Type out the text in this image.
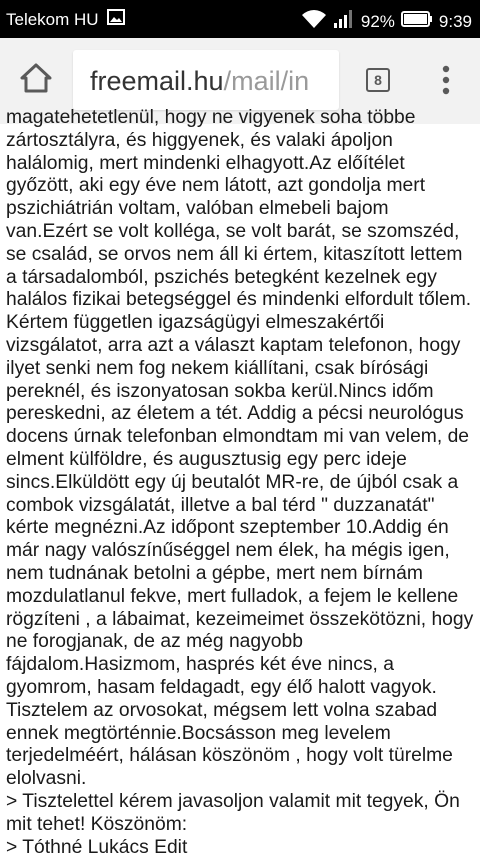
Telekom HU	92%	9:39
freemail.hu/mail/in	8
magatehetetlenül, hogy ne vigyenek soha többe zártosztályra, és higgyenek, és valaki ápoljon halálomig, mert mindenki elhagyott.Az előítélet győzött, aki egy éve nem látott, azt gondolja mert pszichiátrián voltam, valóban elmebeli bajom van.Ezért se volt kolléga, se volt barát, se szomszéd, se család, se orvos nem áll ki értem, kitaszított lettem a társadalomból, pszichés betegként kezelnek egy halálos fizikai betegséggel és mindenki elfordult tőlem. Kértem független igazságügyi elmeszakértői vizsgálatot, arra azt a választ kaptam telefonon, hogy ilyet senki nem fog nekem kiállítani, csak bírósági pereknél, és iszonyatosan sokba kerül.Nincs időm pereskedni, az életem a tét. Addig a pécsi neurológus docens úrnak telefonban elmondtam mi van velem, de elment külföldre, és augusztusig egy perc ideje sincs.Elküldött egy új beutalót MR-re, de újból csak a combok vizsgálatát, illetve a bal térd " duzzanatát" kérte megnézni.Az időpont szeptember 10.Addig én már nagy valószínűséggel nem élek, ha mégis igen, nem tudnának betolni a gépbe, mert nem bírnám mozdulatlanul fekve, mert fulladok, a fejem le kellene rögzíteni , a lábaimat, kezeimeimet összekötözni, hogy ne forogjanak, de az még nagyobb fájdalom.Hasizmom, hasprés két éve nincs, a gyomrom, hasam feldagadt, egy élő halott vagyok. Tisztelem az orvosokat, mégsem lett volna szabad ennek megtörténnie.Bocsásson meg levelem terjedelméért, hálásan köszönöm , hogy volt türelme elolvasni.
> Tisztelettel kérem javasoljon valamit mit tegyek, Ön mit tehet! Köszönöm:
> Tóthné Lukács Edit
